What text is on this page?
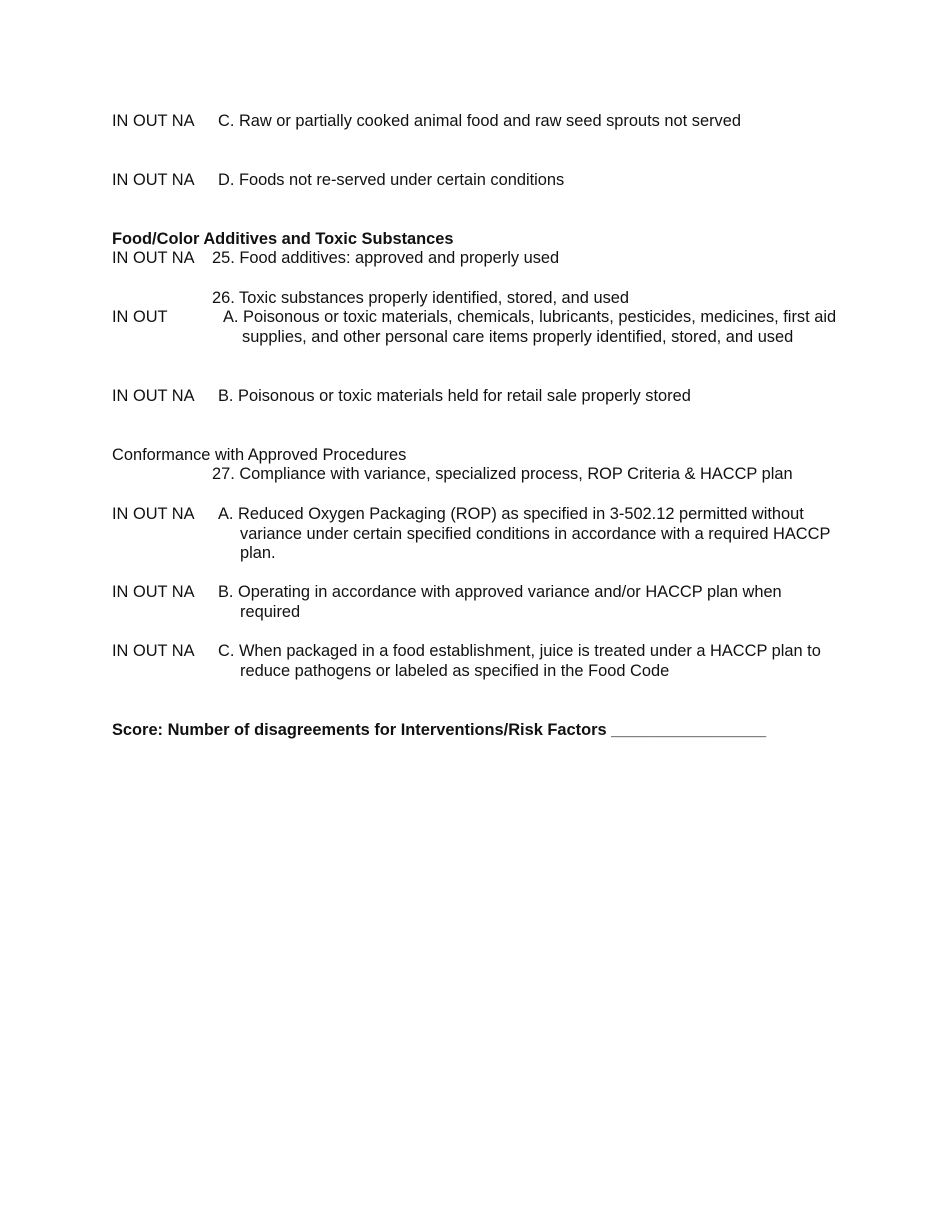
IN OUT NA	C. Raw or partially cooked animal food and raw seed sprouts not served
IN OUT NA	D. Foods not re-served under certain conditions
Food/Color Additives and Toxic Substances
IN OUT NA	25. Food additives: approved and properly used
26. Toxic substances properly identified, stored, and used
IN OUT	A. Poisonous or toxic materials, chemicals, lubricants, pesticides, medicines, first aid supplies, and other personal care items properly identified, stored, and used
IN OUT NA	B. Poisonous or toxic materials held for retail sale properly stored
Conformance with Approved Procedures
27. Compliance with variance, specialized process, ROP Criteria & HACCP plan
IN OUT NA	A. Reduced Oxygen Packaging (ROP) as specified in 3-502.12 permitted without variance under certain specified conditions in accordance with a required HACCP plan.
IN OUT NA	B. Operating in accordance with approved variance and/or HACCP plan when required
IN OUT NA	C. When packaged in a food establishment, juice is treated under a HACCP plan to reduce pathogens or labeled as specified in the Food Code
Score: Number of disagreements for Interventions/Risk Factors _________________
